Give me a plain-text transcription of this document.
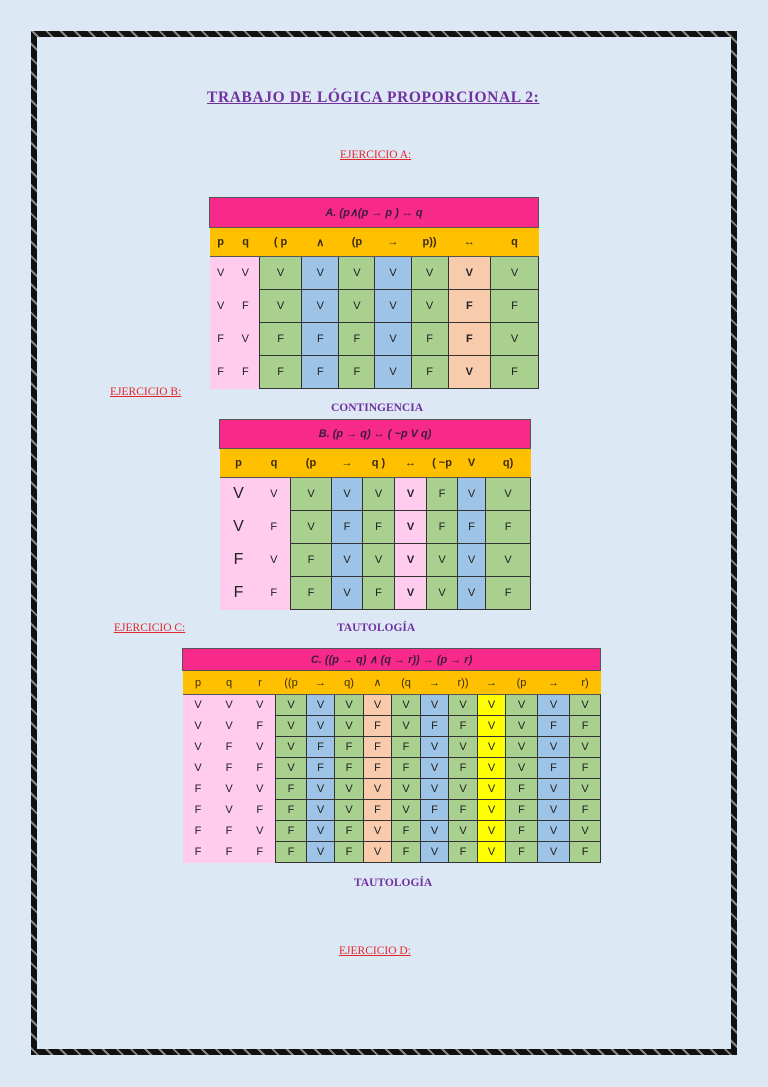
TRABAJO DE LÓGICA PROPORCIONAL 2:
EJERCICIO A:
A. (p∧(p → p ) ↔ q								
p	q	( p	∧	(p	→	p))	↔	q
V	V	V	V	V	V	V	V	V
V	F	V	V	V	V	V	F	F
F	V	F	F	F	V	F	F	V
F	F	F	F	F	V	F	V	F
EJERCICIO B:
CONTINGENCIA
B. (p → q) ↔ ( ~p V q)								
p	q	(p	→	q )	↔	( ~p	V	q)
V	V	V	V	V	V	F	V	V
V	F	V	F	F	V	F	F	F
F	V	F	V	V	V	V	V	V
F	F	F	V	F	V	V	V	F
EJERCICIO C:	TAUTOLOGÍA
C. ((p → q) ∧ (q → r)) → (p → r)													
p	q	r	((p	→	q)	∧	(q	→	r))	→	(p	→	r)
V	V	V	V	V	V	V	V	V	V	V	V	V	V
V	V	F	V	V	V	F	V	F	F	V	V	F	F
V	F	V	V	F	F	F	F	V	V	V	V	V	V
V	F	F	V	F	F	F	F	V	F	V	V	F	F
F	V	V	F	V	V	V	V	V	V	V	F	V	V
F	V	F	F	V	V	F	V	F	F	V	F	V	F
F	F	V	F	V	F	V	F	V	V	V	F	V	V
F	F	F	F	V	F	V	F	V	F	V	F	V	F
TAUTOLOGÍA
EJERCICIO D:
